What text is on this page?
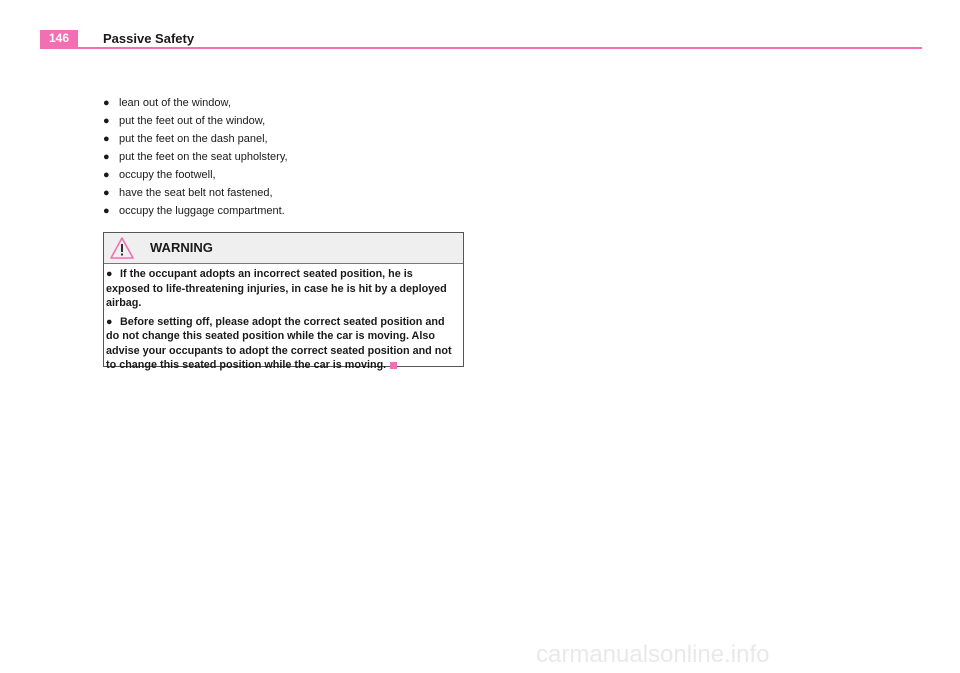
146	Passive Safety
● lean out of the window,
● put the feet out of the window,
● put the feet on the dash panel,
● put the feet on the seat upholstery,
● occupy the footwell,
● have the seat belt not fastened,
● occupy the luggage compartment.
WARNING

● If the occupant adopts an incorrect seated position, he is exposed to life-threatening injuries, in case he is hit by a deployed airbag.

● Before setting off, please adopt the correct seated position and do not change this seated position while the car is moving. Also advise your occupants to adopt the correct seated position and not to change this seated position while the car is moving.

carmanualsonline.info
